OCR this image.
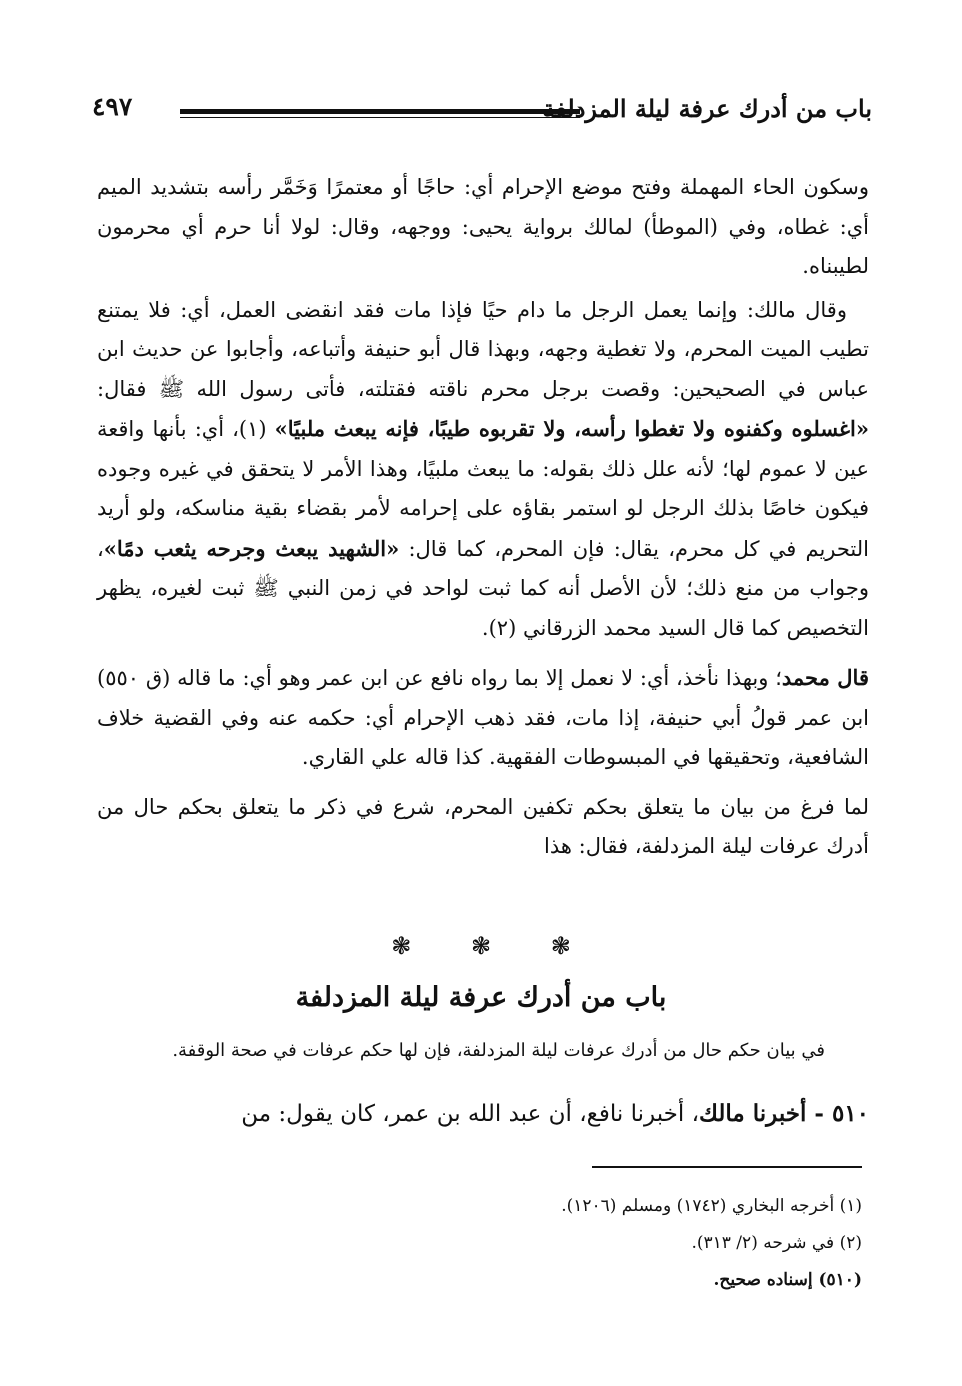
٤٩٧	باب من أدرك عرفة ليلة المزدلفة

وسكون الحاء المهملة وفتح موضع الإحرام أي: حاجًا أو معتمرًا وَخَمَّر رأسه بتشديد الميم أي: غطاه، وفي (الموطأ) لمالك برواية يحيى: ووجهه، وقال: لولا أنا حرم أي محرمون لطيبناه.

وقال مالك: وإنما يعمل الرجل ما دام حيًا فإذا مات فقد انقضى العمل، أي: فلا يمتنع تطيب الميت المحرم، ولا تغطية وجهه، وبهذا قال أبو حنيفة وأتباعه، وأجابوا عن حديث ابن عباس في الصحيحين: وقصت برجل محرم ناقته فقتلته، فأتى رسول الله ﷺ فقال: «اغسلوه وكفنوه ولا تغطوا رأسه، ولا تقربوه طيبًا، فإنه يبعث ملبيًا» (١)، أي: بأنها واقعة عين لا عموم لها؛ لأنه علل ذلك بقوله: ما يبعث ملبيًا، وهذا الأمر لا يتحقق في غيره وجوده فيكون خاصًا بذلك الرجل لو استمر بقاؤه على إحرامه لأمر بقضاء بقية مناسكه، ولو أريد التحريم في كل محرم، يقال: فإن المحرم، كما قال: «الشهيد يبعث وجرحه يثعب دمًا»، وجواب من منع ذلك؛ لأن الأصل أنه كما ثبت لواحد في زمن النبي ﷺ ثبت لغيره، يظهر التخصيص كما قال السيد محمد الزرقاني (٢).

قال محمد؛ وبهذا نأخذ، أي: لا نعمل إلا بما رواه نافع عن ابن عمر وهو أي: ما قاله (ق ٥٥٠) ابن عمر قولُ أبي حنيفة، إذا مات، فقد ذهب الإحرام أي: حكمه عنه وفي القضية خلاف الشافعية، وتحقيقها في المبسوطات الفقهية. كذا قاله علي القاري.

لما فرغ من بيان ما يتعلق بحكم تكفين المحرم، شرع في ذكر ما يتعلق بحكم حال من أدرك عرفات ليلة المزدلفة، فقال: هذا

❃ ❃ ❃
باب من أدرك عرفة ليلة المزدلفة
في بيان حكم حال من أدرك عرفات ليلة المزدلفة، فإن لها حكم عرفات في صحة الوقفة.
٥١٠ - أخبرنا مالك، أخبرنا نافع، أن عبد الله بن عمر، كان يقول: من
(١) أخرجه البخاري (١٧٤٢) ومسلم (١٢٠٦).
(٢) في شرحه (٢/ ٣١٣).
(٥١٠) إسناده صحيح.
